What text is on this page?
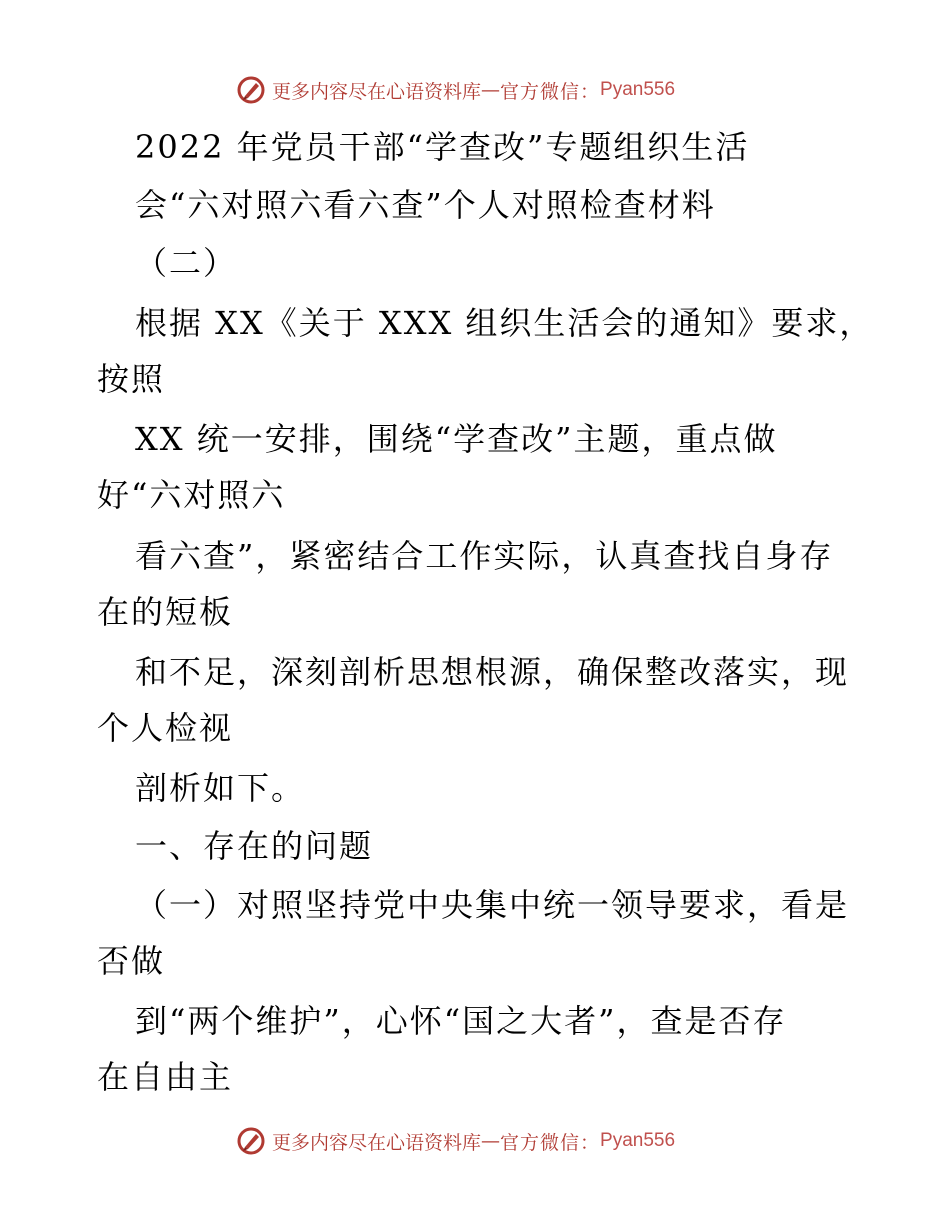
更多内容尽在心语资料库 — 官方微信： Pyan556
2022 年党员干部“学查改”专题组织生活
会“六对照六看六查”个人对照检查材料
（二）
根据 XX《关于 XXX 组织生活会的通知》要求，
按照
XX 统一安排，围绕“学查改”主题，重点做
好“六对照六
看六查”，紧密结合工作实际，认真查找自身存
在的短板
和不足，深刻剖析思想根源，确保整改落实，现
个人检视
剖析如下。
一、存在的问题
（一）对照坚持党中央集中统一领导要求，看是
否做
到“两个维护”，心怀“国之大者”，查是否存
在自由主
更多内容尽在心语资料库 — 官方微信： Pyan556
